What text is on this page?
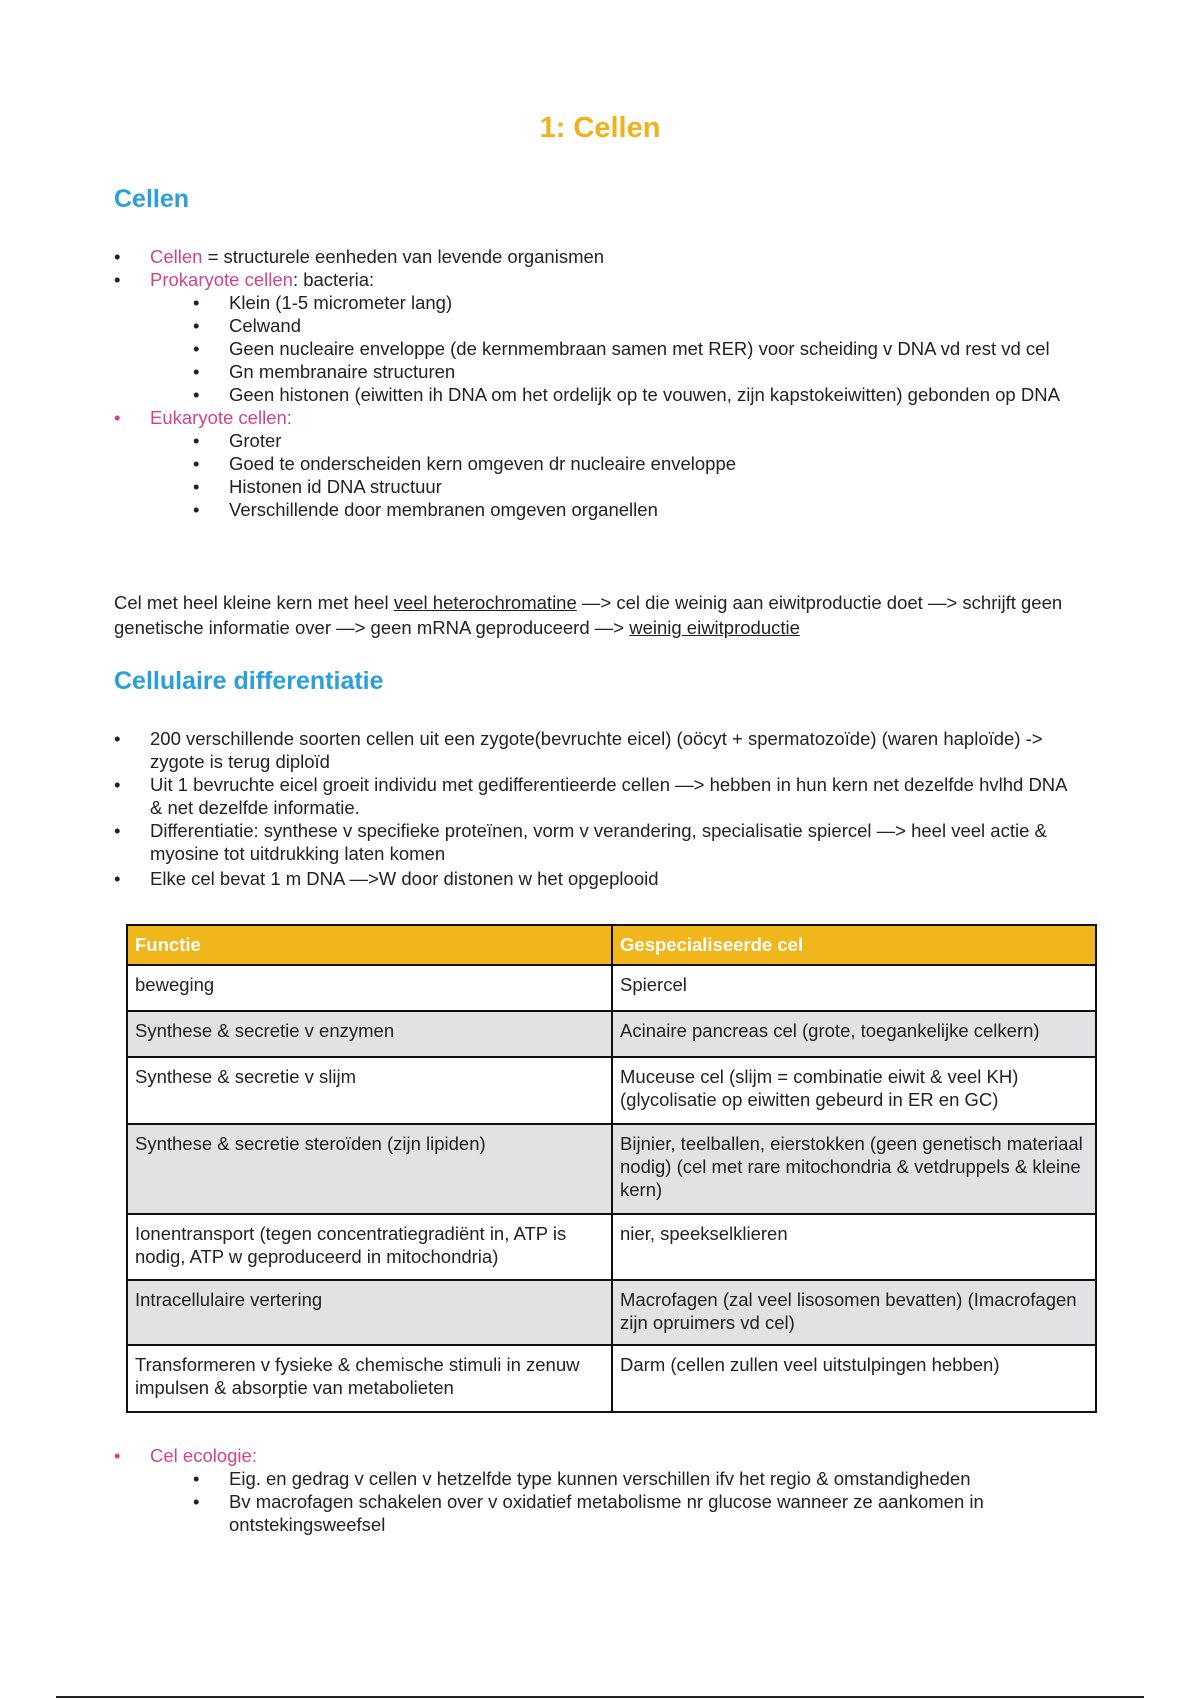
1: Cellen
Cellen
• Cellen = structurele eenheden van levende organismen
• Prokaryote cellen: bacteria:
• Klein (1-5 micrometer lang)
• Celwand
• Geen nucleaire enveloppe (de kernmembraan samen met RER) voor scheiding v DNA vd rest vd cel
• Gn membranaire structuren
• Geen histonen (eiwitten ih DNA om het ordelijk op te vouwen, zijn kapstokeiwitten) gebonden op DNA
• Eukaryote cellen:
• Groter
• Goed te onderscheiden kern omgeven dr nucleaire enveloppe
• Histonen id DNA structuur
• Verschillende door membranen omgeven organellen

Cel met heel kleine kern met heel veel heterochromatine —> cel die weinig aan eiwitproductie doet —> schrijft geen genetische informatie over —> geen mRNA geproduceerd —> weinig eiwitproductie

Cellulaire differentiatie
• 200 verschillende soorten cellen uit een zygote(bevruchte eicel) (oöcyt + spermatozoïde) (waren haploïde) -> zygote is terug diploïd
• Uit 1 bevruchte eicel groeit individu met gedifferentieerde cellen —> hebben in hun kern net dezelfde hvlhd DNA & net dezelfde informatie.
• Differentiatie: synthese v specifieke proteïnen, vorm v verandering, specialisatie spiercel —> heel veel actie & myosine tot uitdrukking laten komen
• Elke cel bevat 1 m DNA —>W door distonen w het opgeplooid
Functie	Gespecialiseerde cel
beweging	Spiercel
Synthese & secretie v enzymen	Acinaire pancreas cel (grote, toegankelijke celkern)
Synthese & secretie v slijm	Muceuse cel (slijm = combinatie eiwit & veel KH) (glycolisatie op eiwitten gebeurd in ER en GC)
Synthese & secretie steroïden (zijn lipiden)	Bijnier, teelballen, eierstokken (geen genetisch materiaal nodig) (cel met rare mitochondria & vetdruppels & kleine kern)
Ionentransport (tegen concentratiegradiënt in, ATP is nodig, ATP w geproduceerd in mitochondria)	nier, speekselklieren
Intracellulaire vertering	Macrofagen (zal veel lisosomen bevatten) (Imacrofagen zijn opruimers vd cel)
Transformeren v fysieke & chemische stimuli in zenuw impulsen & absorptie van metabolieten	Darm (cellen zullen veel uitstulpingen hebben)
• Cel ecologie:
• Eig. en gedrag v cellen v hetzelfde type kunnen verschillen ifv het regio & omstandigheden
• Bv macrofagen schakelen over v oxidatief metabolisme nr glucose wanneer ze aankomen in ontstekingsweefsel
